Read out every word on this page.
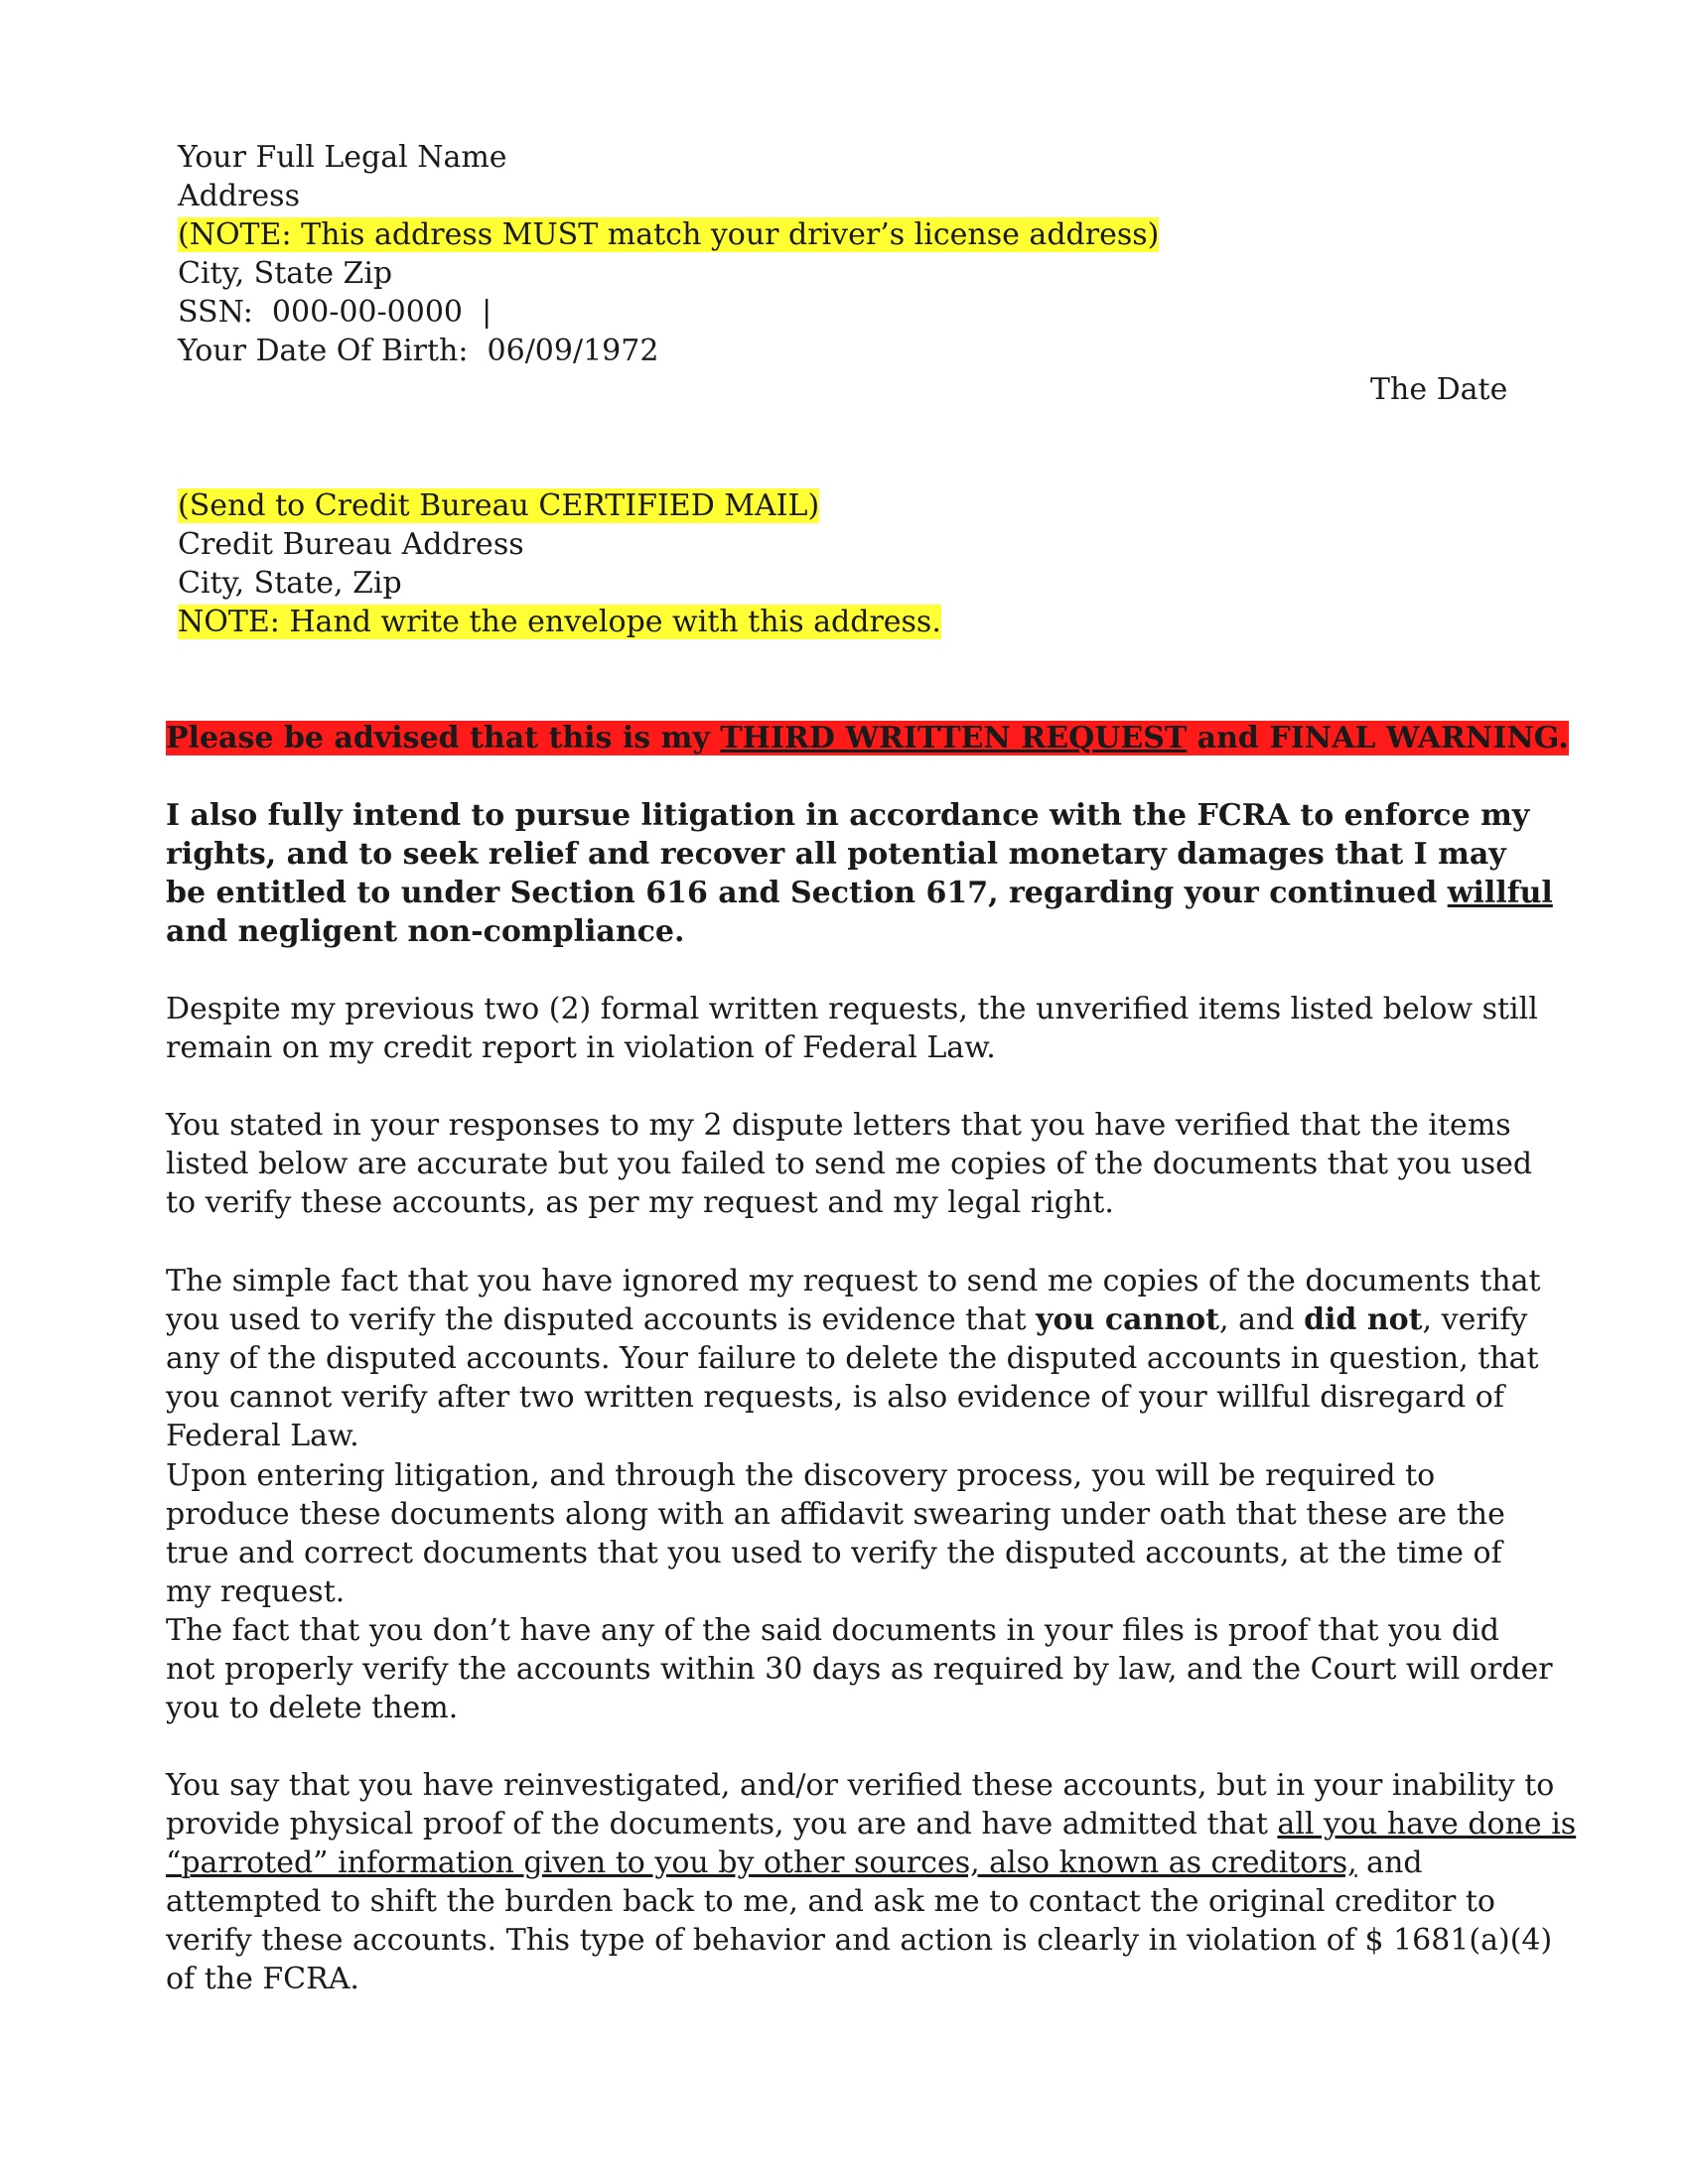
Your Full Legal Name
Address
(NOTE: This address MUST match your driver’s license address)
City, State Zip
SSN:  000-00-0000  |
Your Date Of Birth:  06/09/1972
The Date
(Send to Credit Bureau CERTIFIED MAIL)
Credit Bureau Address
City, State, Zip
NOTE: Hand write the envelope with this address.
Please be advised that this is my THIRD WRITTEN REQUEST and FINAL WARNING.
I also fully intend to pursue litigation in accordance with the FCRA to enforce my rights, and to seek relief and recover all potential monetary damages that I may be entitled to under Section 616 and Section 617, regarding your continued willful and negligent non-compliance.
Despite my previous two (2) formal written requests, the unverified items listed below still remain on my credit report in violation of Federal Law.
You stated in your responses to my 2 dispute letters that you have verified that the items listed below are accurate but you failed to send me copies of the documents that you used to verify these accounts, as per my request and my legal right.
The simple fact that you have ignored my request to send me copies of the documents that you used to verify the disputed accounts is evidence that you cannot, and did not, verify any of the disputed accounts. Your failure to delete the disputed accounts in question, that you cannot verify after two written requests, is also evidence of your willful disregard of Federal Law.
Upon entering litigation, and through the discovery process, you will be required to produce these documents along with an affidavit swearing under oath that these are the true and correct documents that you used to verify the disputed accounts, at the time of my request.
The fact that you don’t have any of the said documents in your files is proof that you did not properly verify the accounts within 30 days as required by law, and the Court will order you to delete them.
You say that you have reinvestigated, and/or verified these accounts, but in your inability to provide physical proof of the documents, you are and have admitted that all you have done is “parroted” information given to you by other sources, also known as creditors, and attempted to shift the burden back to me, and ask me to contact the original creditor to verify these accounts. This type of behavior and action is clearly in violation of $ 1681(a)(4) of the FCRA.
